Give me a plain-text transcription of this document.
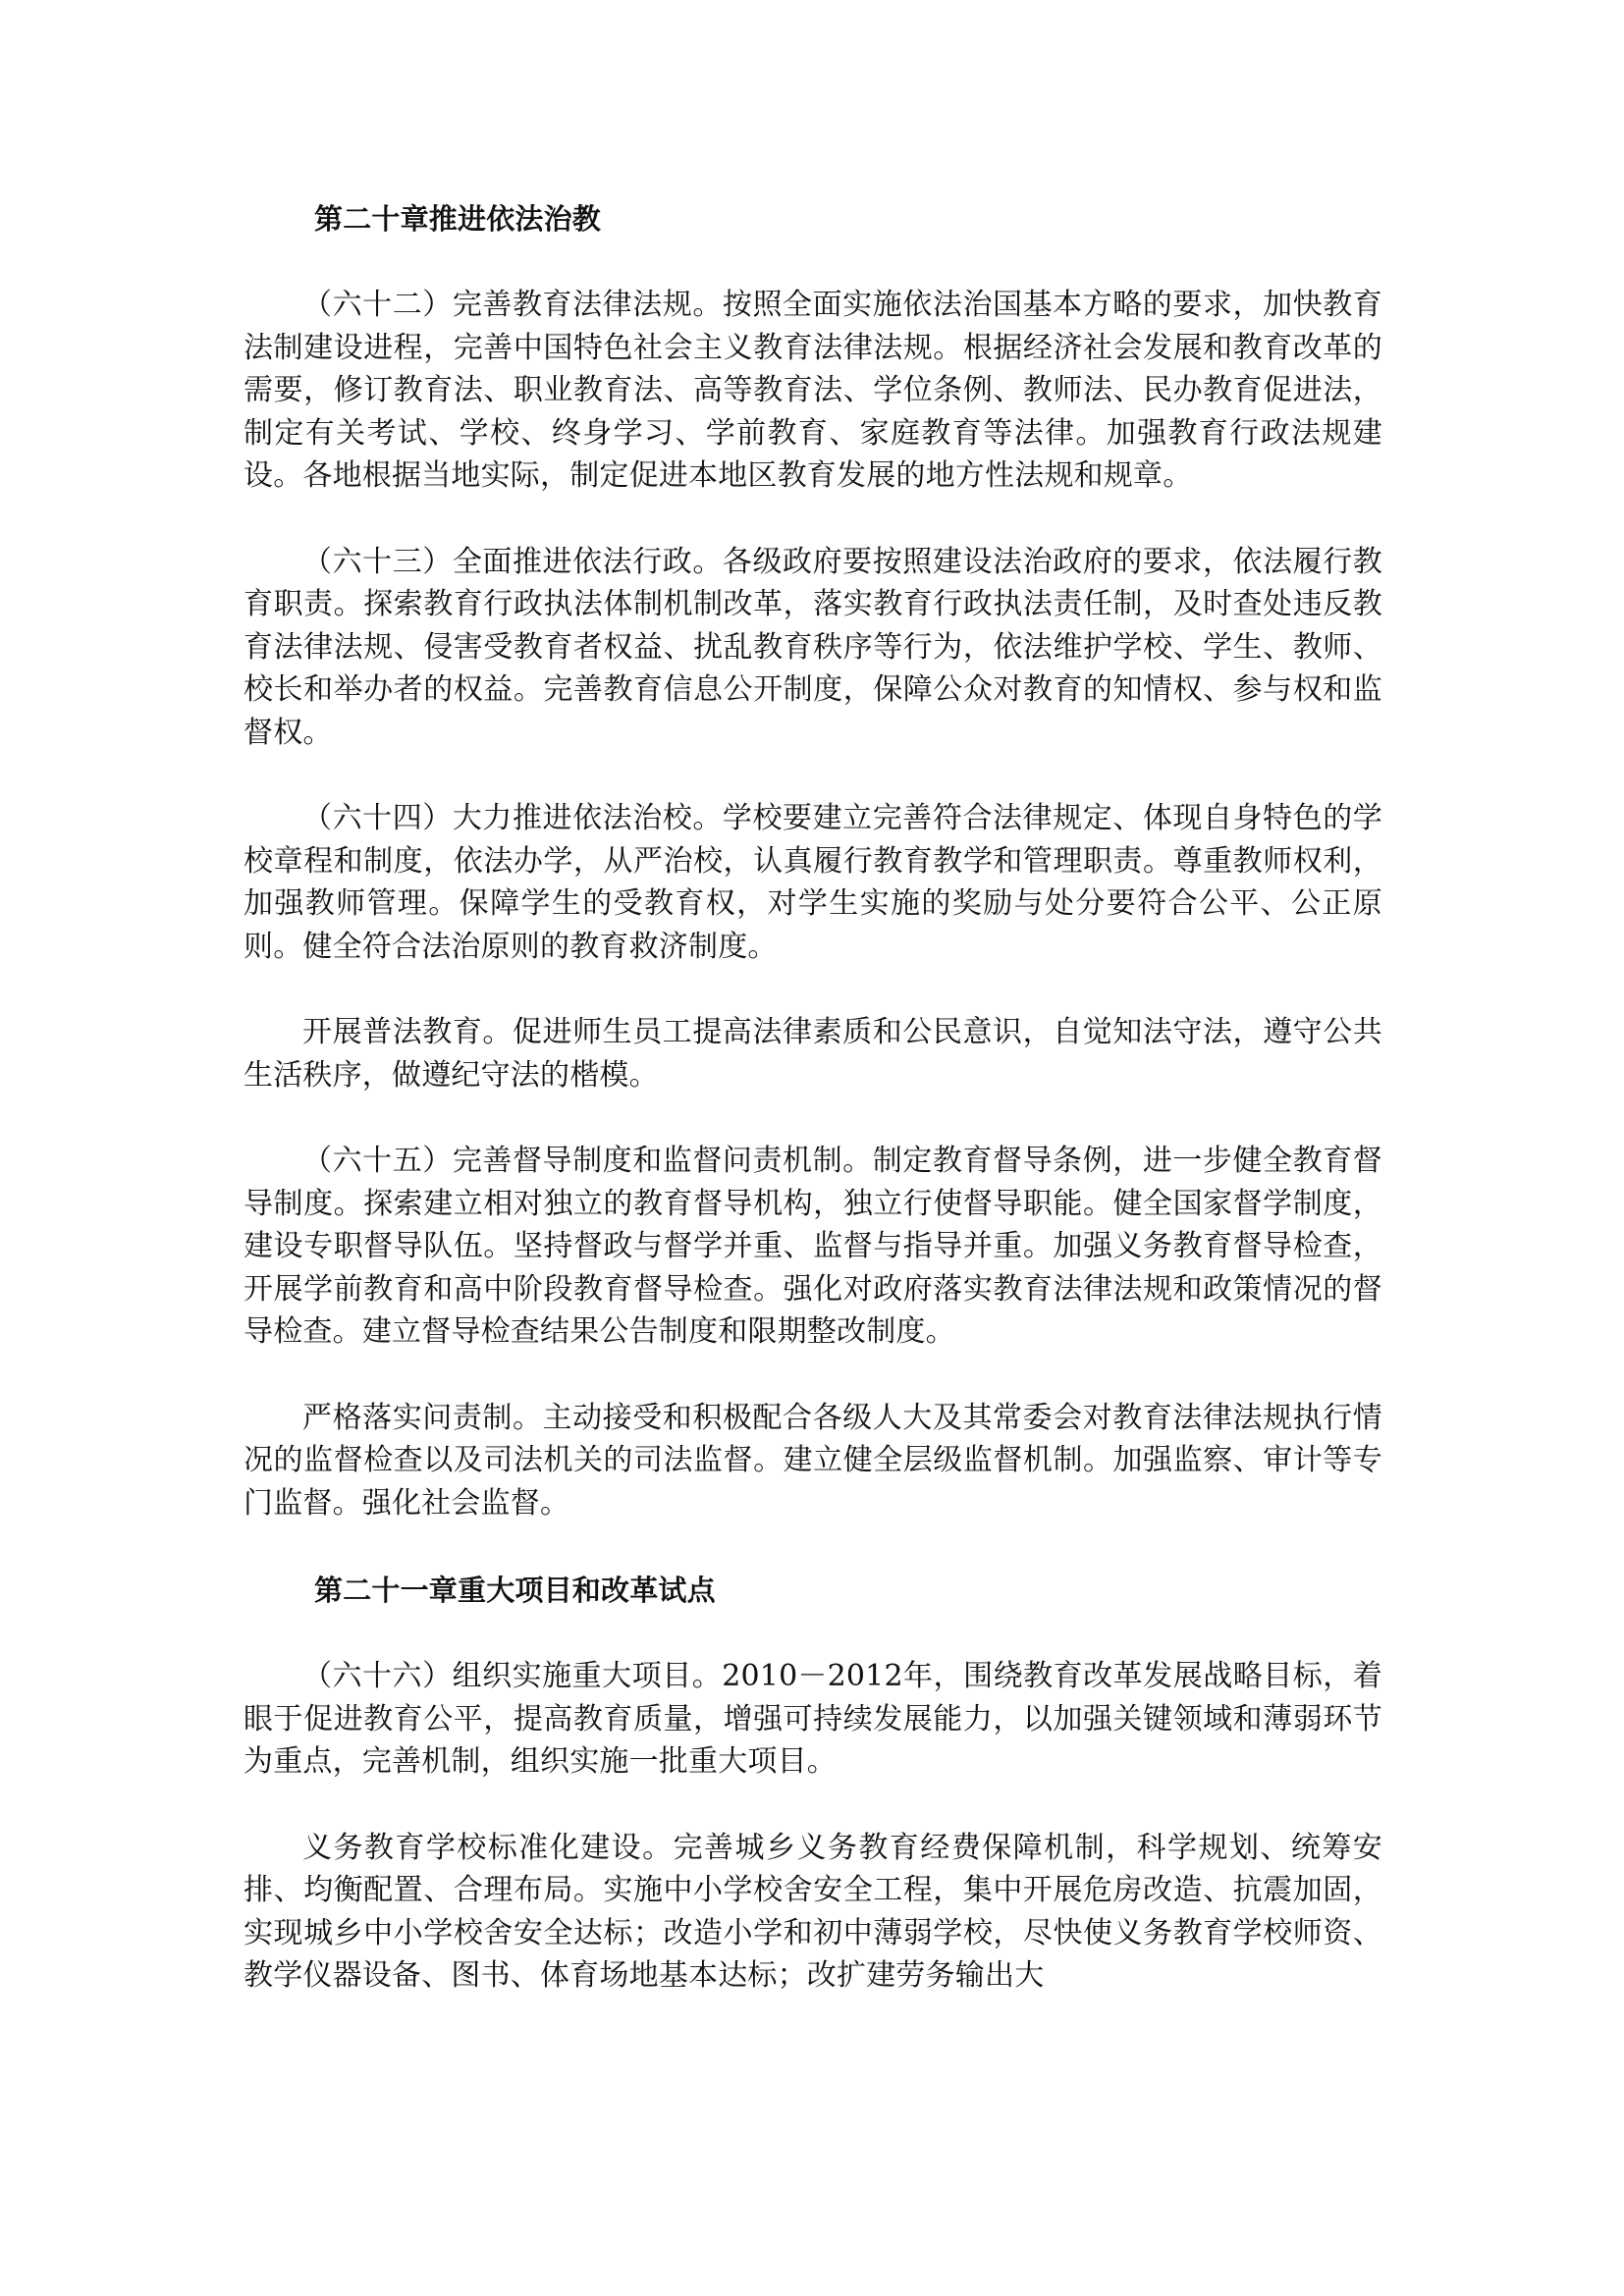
第二十章推进依法治教

（六十二）完善教育法律法规。按照全面实施依法治国基本方略的要求，加快教育法制建设进程，完善中国特色社会主义教育法律法规。根据经济社会发展和教育改革的需要，修订教育法、职业教育法、高等教育法、学位条例、教师法、民办教育促进法，制定有关考试、学校、终身学习、学前教育、家庭教育等法律。加强教育行政法规建设。各地根据当地实际，制定促进本地区教育发展的地方性法规和规章。

（六十三）全面推进依法行政。各级政府要按照建设法治政府的要求，依法履行教育职责。探索教育行政执法体制机制改革，落实教育行政执法责任制，及时查处违反教育法律法规、侵害受教育者权益、扰乱教育秩序等行为，依法维护学校、学生、教师、校长和举办者的权益。完善教育信息公开制度，保障公众对教育的知情权、参与权和监督权。

（六十四）大力推进依法治校。学校要建立完善符合法律规定、体现自身特色的学校章程和制度，依法办学，从严治校，认真履行教育教学和管理职责。尊重教师权利，加强教师管理。保障学生的受教育权，对学生实施的奖励与处分要符合公平、公正原则。健全符合法治原则的教育救济制度。

开展普法教育。促进师生员工提高法律素质和公民意识，自觉知法守法，遵守公共生活秩序，做遵纪守法的楷模。

（六十五）完善督导制度和监督问责机制。制定教育督导条例，进一步健全教育督导制度。探索建立相对独立的教育督导机构，独立行使督导职能。健全国家督学制度，建设专职督导队伍。坚持督政与督学并重、监督与指导并重。加强义务教育督导检查，开展学前教育和高中阶段教育督导检查。强化对政府落实教育法律法规和政策情况的督导检查。建立督导检查结果公告制度和限期整改制度。

严格落实问责制。主动接受和积极配合各级人大及其常委会对教育法律法规执行情况的监督检查以及司法机关的司法监督。建立健全层级监督机制。加强监察、审计等专门监督。强化社会监督。

第二十一章重大项目和改革试点

（六十六）组织实施重大项目。2010－2012年，围绕教育改革发展战略目标，着眼于促进教育公平，提高教育质量，增强可持续发展能力，以加强关键领域和薄弱环节为重点，完善机制，组织实施一批重大项目。

义务教育学校标准化建设。完善城乡义务教育经费保障机制，科学规划、统筹安排、均衡配置、合理布局。实施中小学校舍安全工程，集中开展危房改造、抗震加固，实现城乡中小学校舍安全达标；改造小学和初中薄弱学校，尽快使义务教育学校师资、教学仪器设备、图书、体育场地基本达标；改扩建劳务输出大
